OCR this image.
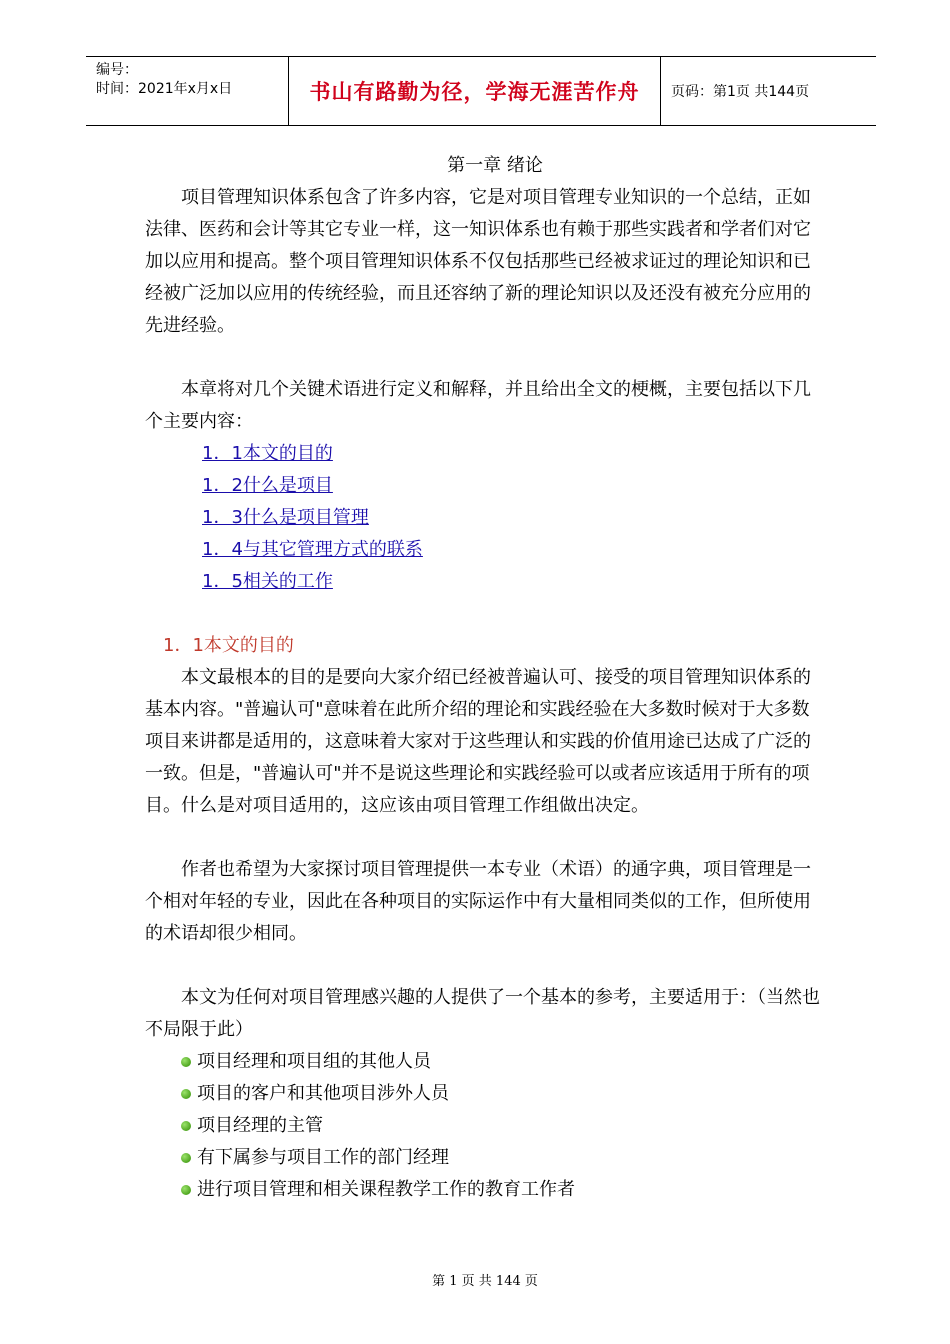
编号：
时间：2021年x月x日	书山有路勤为径，学海无涯苦作舟	页码：第1页 共144页
第一章 绪论

项目管理知识体系包含了许多内容，它是对项目管理专业知识的一个总结，正如法律、医药和会计等其它专业一样，这一知识体系也有赖于那些实践者和学者们对它加以应用和提高。整个项目管理知识体系不仅包括那些已经被求证过的理论知识和已经被广泛加以应用的传统经验，而且还容纳了新的理论知识以及还没有被充分应用的先进经验。

本章将对几个关键术语进行定义和解释，并且给出全文的梗概，主要包括以下几个主要内容：

1．1本文的目的
1．2什么是项目
1．3什么是项目管理
1．4与其它管理方式的联系
1．5相关的工作
1．1本文的目的

本文最根本的目的是要向大家介绍已经被普遍认可、接受的项目管理知识体系的基本内容。"普遍认可"意味着在此所介绍的理论和实践经验在大多数时候对于大多数项目来讲都是适用的，这意味着大家对于这些理认和实践的价值用途已达成了广泛的一致。但是，"普遍认可"并不是说这些理论和实践经验可以或者应该适用于所有的项目。什么是对项目适用的，这应该由项目管理工作组做出决定。

作者也希望为大家探讨项目管理提供一本专业（术语）的通字典，项目管理是一个相对年轻的专业，因此在各种项目的实际运作中有大量相同类似的工作，但所使用的术语却很少相同。

本文为任何对项目管理感兴趣的人提供了一个基本的参考，主要适用于：（当然也不局限于此）

项目经理和项目组的其他人员
项目的客户和其他项目涉外人员
项目经理的主管
有下属参与项目工作的部门经理
进行项目管理和相关课程教学工作的教育工作者
第 1 页 共 144 页
